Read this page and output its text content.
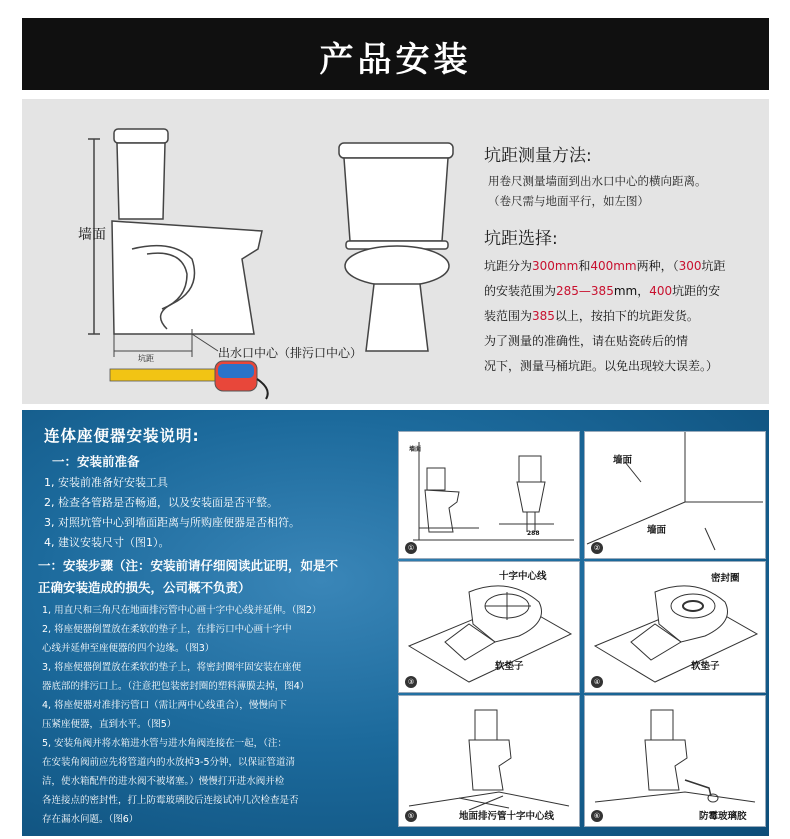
产品安装
墙面
坑距	出水口中心（排污口中心）
坑距测量方法:
用卷尺测量墙面到出水口中心的横向距离。
（卷尺需与地面平行，如左图）
坑距选择:
坑距分为300mm和400mm两种，（300坑距
的安装范围为285—385mm，400坑距的安
装范围为385以上，按拍下的坑距发货。
为了测量的准确性，请在贴瓷砖后的情
况下，测量马桶坑距。以免出现较大误差。）
连体座便器安装说明:
一：安装前准备
1, 安装前准备好安装工具
2, 检查各管路是否畅通，以及安装面是否平整。
3, 对照坑管中心到墙面距离与所购座便器是否相符。
4, 建议安装尺寸（图1）。
一：安装步骤（注：安装前请仔细阅读此证明，如是不
正确安装造成的损失，公司概不负责）
1, 用直尺和三角尺在地面排污管中心画十字中心线并延伸。（图2）
2, 将座便器倒置放在柔软的垫子上，在排污口中心画十字中
心线并延伸至座便器的四个边缘。（图3）
3, 将座便器倒置放在柔软的垫子上，将密封圈牢固安装在座便
器底部的排污口上。（注意把包装密封圈的塑料薄膜去掉，图4）
4, 将座便器对准排污管口（需让两中心线重合），慢慢向下
压紧座便器，直到水平。（图5）
5, 安装角阀并将水箱进水管与进水角阀连接在一起，（注：
在安装角阀前应先将管道内的水放掉3-5分钟，以保证管道清
洁，使水箱配件的进水阀不被堵塞。）慢慢打开进水阀并检
各连接点的密封性，打上防霉玻璃胶后连接试冲几次检查是否
存在漏水问题。（图6）
墙面
288
①
墙面
墙面
②
十字中心线
软垫子
③
密封圈
软垫子
④
地面排污管十字中心线
⑤	防霉玻璃胶
⑥
